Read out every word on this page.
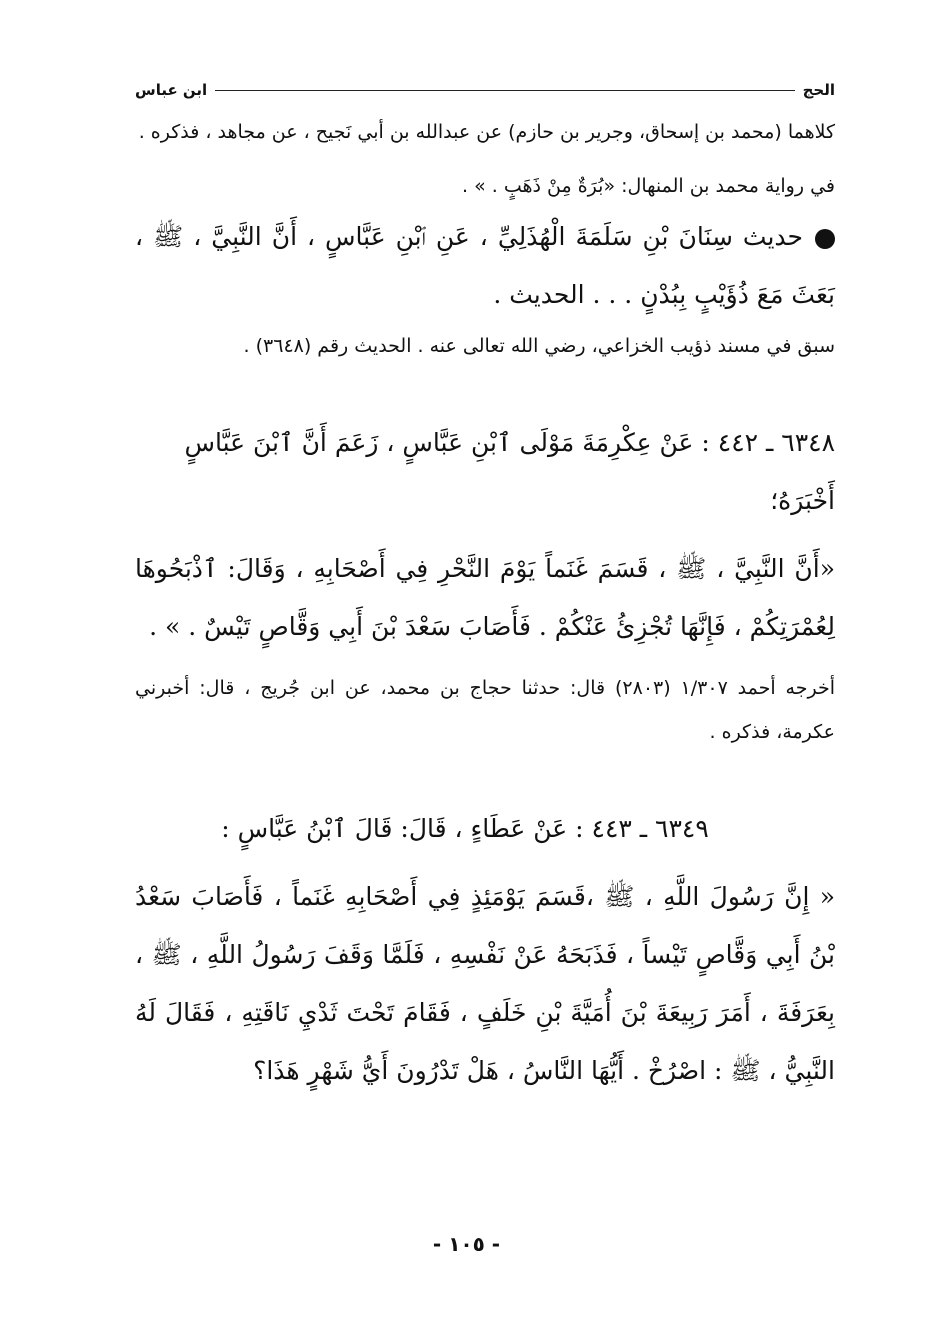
الحج
ابن عباس

كلاهما (محمد بن إسحاق، وجرير بن حازم) عن عبدالله بن أبي نَجيح ، عن مجاهد ، فذكره .

في رواية محمد بن المنهال: «بُرَةٌ مِنْ ذَهَبٍ . » .

حديث سِنَانَ بْنِ سَلَمَةَ الْهُذَلِيِّ ، عَنِ ٱبْنِ عَبَّاسٍ ، أَنَّ النَّبِيَّ ، ﷺ ، بَعَثَ مَعَ ذُؤَيْبٍ بِبُدْنٍ . . . الحديث .

سبق في مسند ذؤيب الخزاعي، رضي الله تعالى عنه . الحديث رقم (٣٦٤٨) .

٦٣٤٨ ـ ٤٤٢ : عَنْ عِكْرِمَةَ مَوْلَى ٱبْنِ عَبَّاسٍ ، زَعَمَ أَنَّ ٱبْنَ عَبَّاسٍ أَخْبَرَهُ؛

«أَنَّ النَّبِيَّ ، ﷺ ، قَسَمَ غَنَماً يَوْمَ النَّحْرِ فِي أَصْحَابِهِ ، وَقَالَ: ٱذْبَحُوهَا لِعُمْرَتِكُمْ ، فَإِنَّهَا تُجْزِئُ عَنْكُمْ . فَأَصَابَ سَعْدَ بْنَ أَبِي وَقَّاصٍ تَيْسٌ . » .

أخرجه أحمد ١/٣٠٧ (٢٨٠٣) قال: حدثنا حجاج بن محمد، عن ابن جُريج ، قال: أخبرني عكرمة، فذكره .

٦٣٤٩ ـ ٤٤٣ : عَنْ عَطَاءٍ ، قَالَ: قَالَ ٱبْنُ عَبَّاسٍ :

« إِنَّ رَسُولَ اللَّهِ ، ﷺ ،قَسَمَ يَوْمَئِذٍ فِي أَصْحَابِهِ غَنَماً ، فَأَصَابَ سَعْدُ بْنُ أَبِي وَقَّاصٍ تَيْساً ، فَذَبَحَهُ عَنْ نَفْسِهِ ، فَلَمَّا وَقَفَ رَسُولُ اللَّهِ ، ﷺ ، بِعَرَفَةَ ، أَمَرَ رَبِيعَةَ بْنَ أُمَيَّةَ بْنِ خَلَفٍ ، فَقَامَ تَحْتَ ثَدْيِ نَاقَتِهِ ، فَقَالَ لَهُ النَّبِيُّ ، ﷺ : اصْرُخْ . أَيُّهَا النَّاسُ ، هَلْ تَدْرُونَ أَيُّ شَهْرٍ هَذَا؟

- ١٠٥ -
